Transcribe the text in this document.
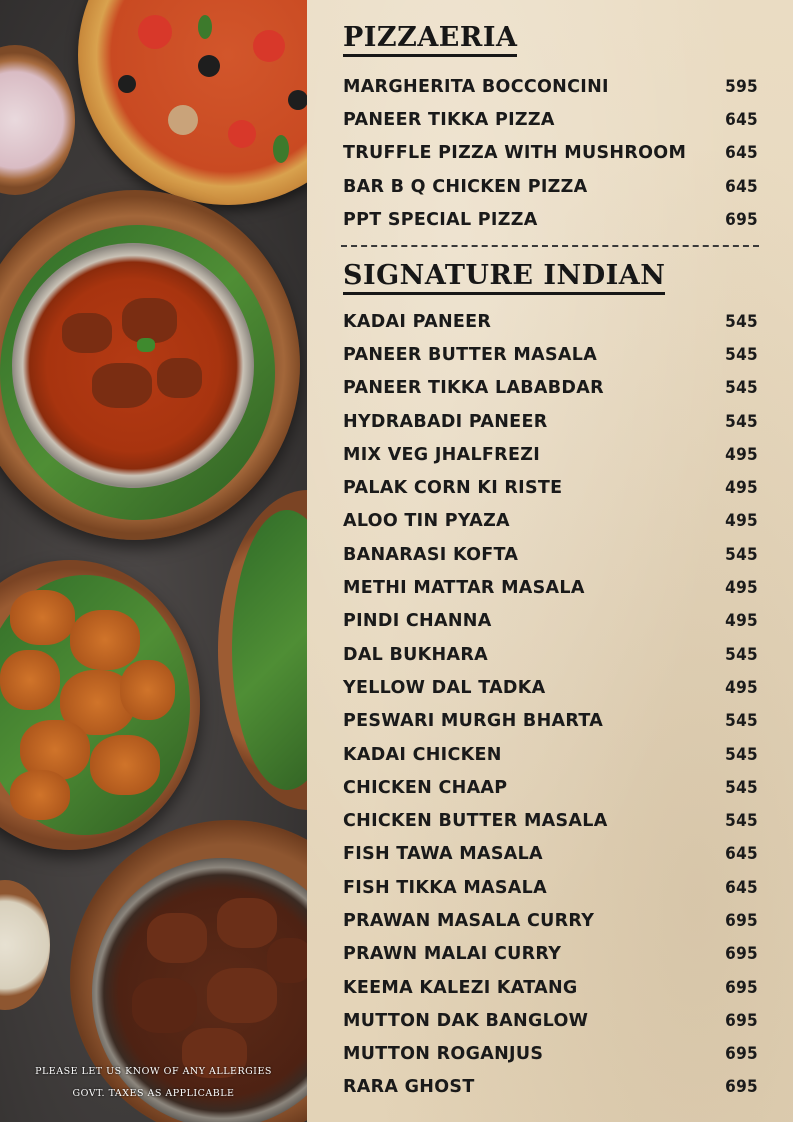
PLEASE LET US KNOW OF ANY ALLERGIES
GOVT. TAXES AS APPLICABLE
PIZZAERIA
MARGHERITA BOCCONCINI	595
PANEER TIKKA PIZZA	645
TRUFFLE PIZZA WITH MUSHROOM 645
BAR B Q CHICKEN PIZZA	645
PPT SPECIAL PIZZA	695
SIGNATURE INDIAN
KADAI PANEER	545
PANEER BUTTER MASALA	545
PANEER TIKKA LABABDAR	545
HYDRABADI PANEER	545
MIX VEG JHALFREZI	495
PALAK CORN KI RISTE	495
ALOO TIN PYAZA	495
BANARASI KOFTA	545
METHI MATTAR MASALA	495
PINDI CHANNA	495
DAL BUKHARA	545
YELLOW DAL TADKA	495
PESWARI MURGH BHARTA	545
KADAI CHICKEN	545
CHICKEN CHAAP	545
CHICKEN BUTTER MASALA	545
FISH TAWA MASALA	645
FISH TIKKA MASALA	645
PRAWAN MASALA CURRY	695
PRAWN MALAI CURRY	695
KEEMA KALEZI KATANG	695
MUTTON DAK BANGLOW	695
MUTTON ROGANJUS	695
RARA GHOST	695
